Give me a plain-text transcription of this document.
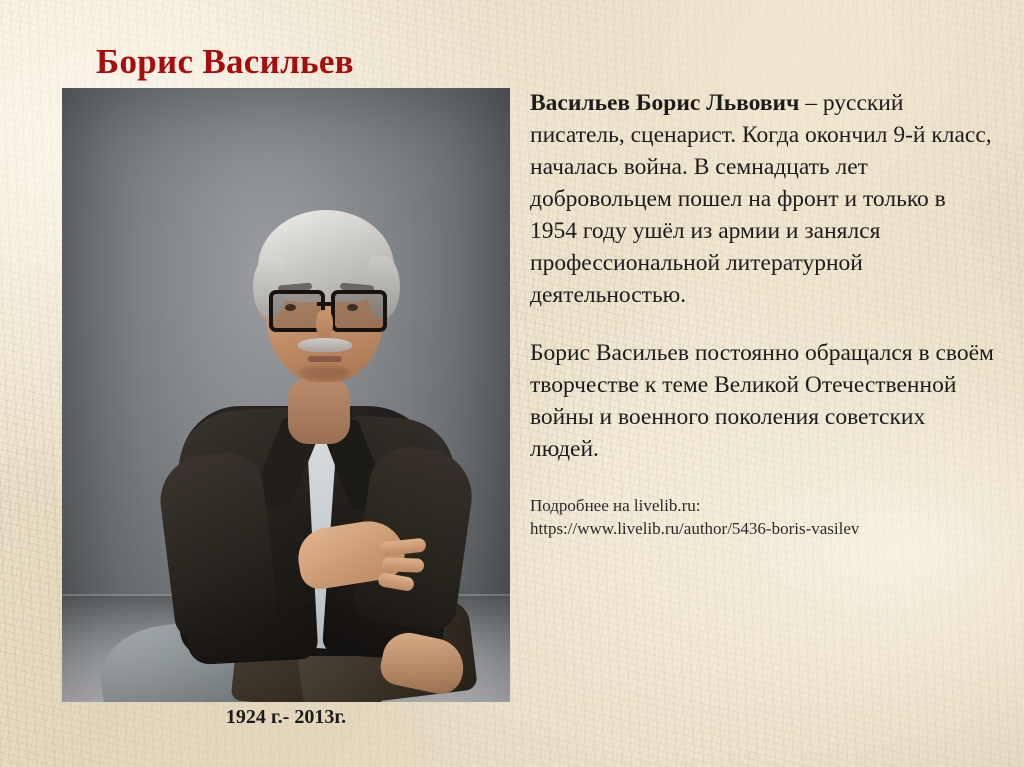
Борис Васильев
1924 г.- 2013г.

Васильев Борис Львович – русский писатель, сценарист. Когда окончил 9-й класс, началась война. В семнадцать лет добровольцем пошел на фронт и только в 1954 году ушёл из армии и занялся профессиональной литературной деятельностью.

Борис Васильев постоянно обращался в своём творчестве к теме Великой Отечественной войны и военного поколения советских людей.

Подробнее на livelib.ru:
https://www.livelib.ru/author/5436-boris-vasilev
